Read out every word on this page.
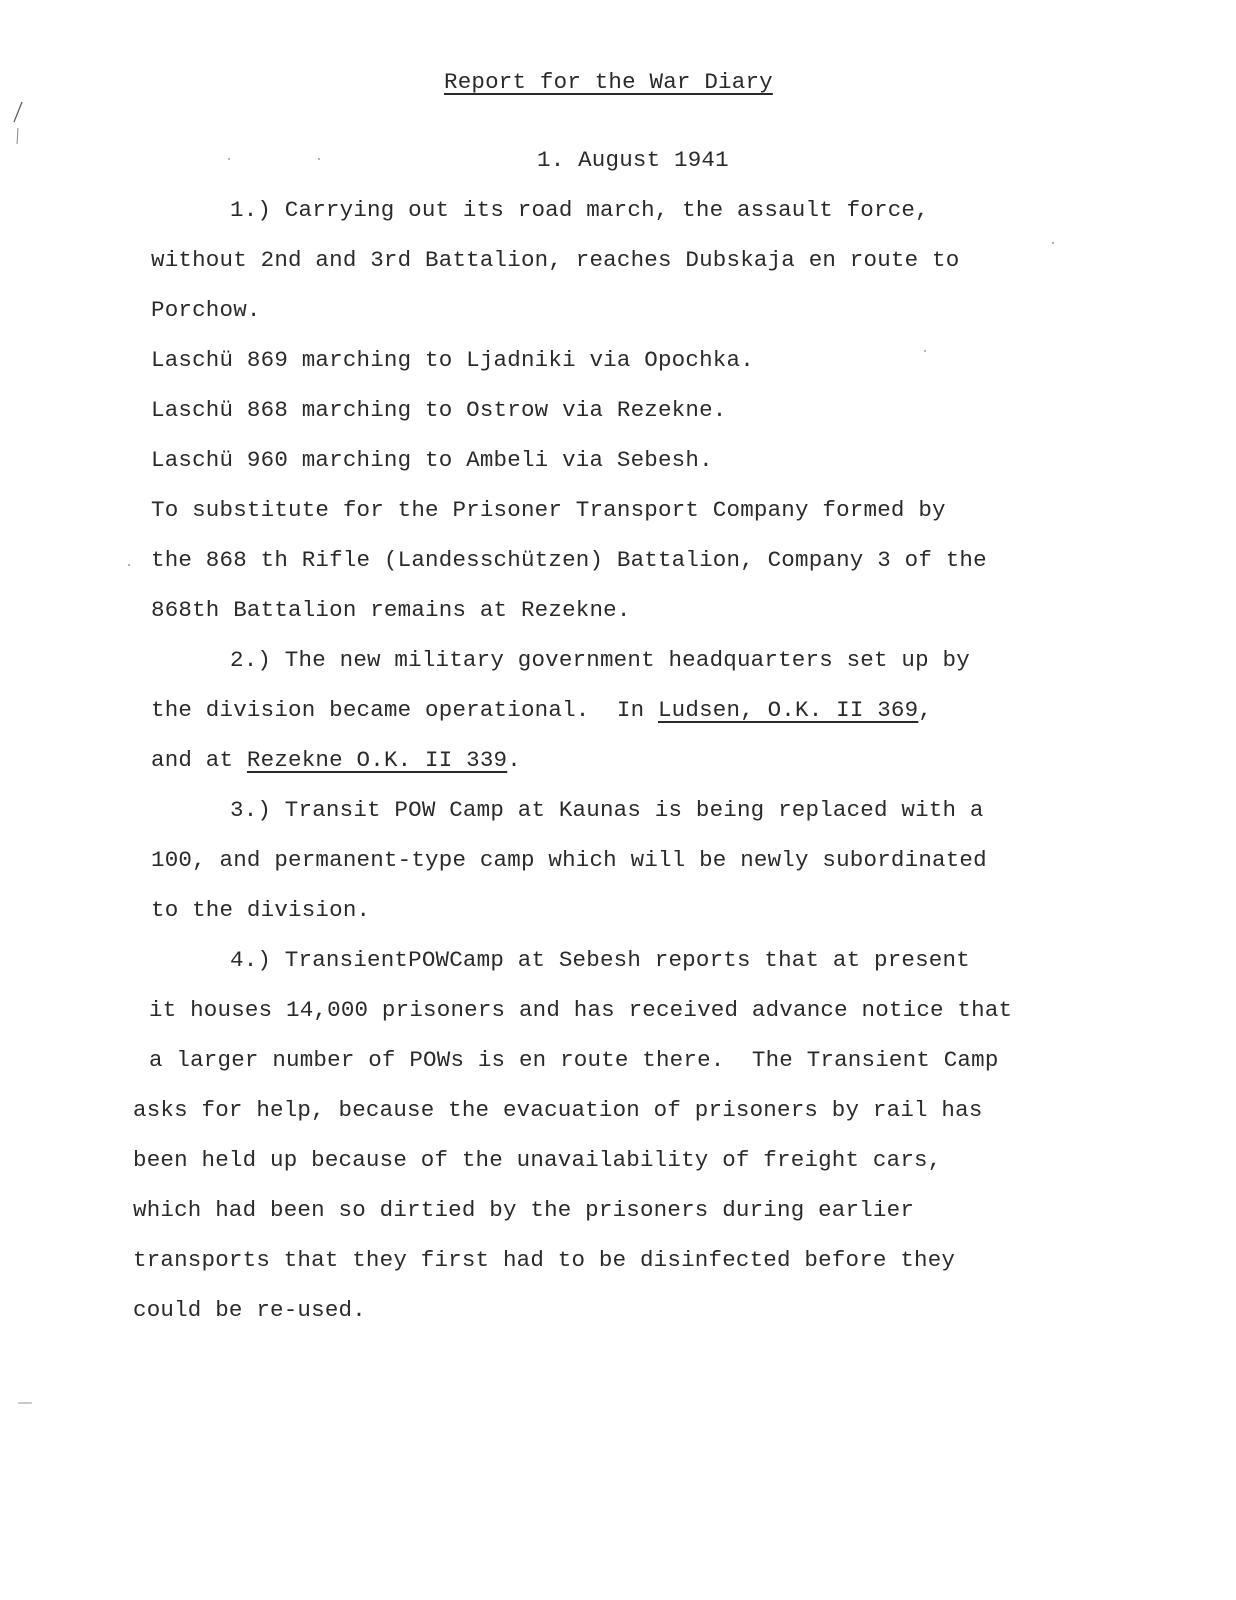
Report for the War Diary
1. August 1941
1.) Carrying out its road march, the assault force,
without 2nd and 3rd Battalion, reaches Dubskaja en route to
Porchow.
Laschü 869 marching to Ljadniki via Opochka.
Laschü 868 marching to Ostrow via Rezekne.
Laschü 960 marching to Ambeli via Sebesh.
To substitute for the Prisoner Transport Company formed by
the 868 th Rifle (Landesschützen) Battalion, Company 3 of the
868th Battalion remains at Rezekne.
2.) The new military government headquarters set up by
the division became operational.  In Ludsen, O.K. II 369,
and at Rezekne O.K. II 339.
3.) Transit POW Camp at Kaunas is being replaced with a
100, and permanent-type camp which will be newly subordinated
to the division.
4.) TransientPOWCamp at Sebesh reports that at present
it houses 14,000 prisoners and has received advance notice that
a larger number of POWs is en route there.  The Transient Camp
asks for help, because the evacuation of prisoners by rail has
been held up because of the unavailability of freight cars,
which had been so dirtied by the prisoners during earlier
transports that they first had to be disinfected before they
could be re-used.
